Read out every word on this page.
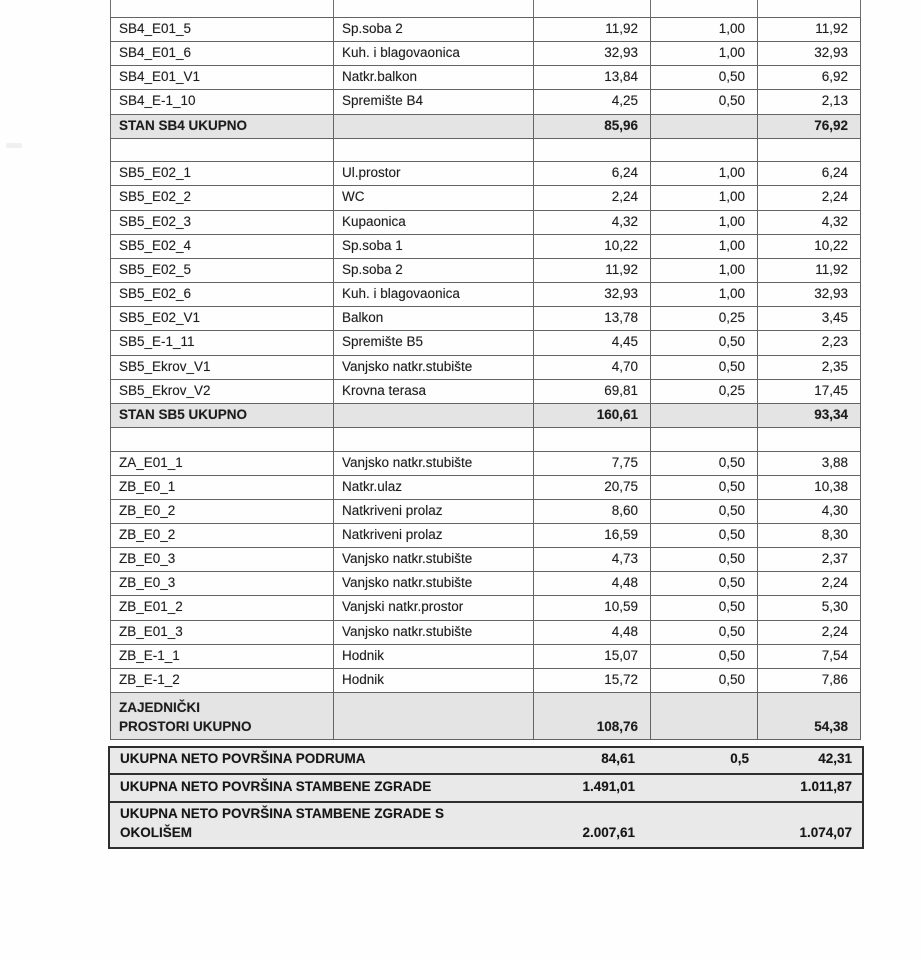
SB4_E01_5	Sp.soba 2	11,92	1,00	11,92
SB4_E01_6	Kuh. i blagovaonica	32,93	1,00	32,93
SB4_E01_V1	Natkr.balkon	13,84	0,50	6,92
SB4_E-1_10	Spremište B4	4,25	0,50	2,13
STAN SB4 UKUPNO		85,96		76,92

SB5_E02_1	Ul.prostor	6,24	1,00	6,24
SB5_E02_2	WC	2,24	1,00	2,24
SB5_E02_3	Kupaonica	4,32	1,00	4,32
SB5_E02_4	Sp.soba 1	10,22	1,00	10,22
SB5_E02_5	Sp.soba 2	11,92	1,00	11,92
SB5_E02_6	Kuh. i blagovaonica	32,93	1,00	32,93
SB5_E02_V1	Balkon	13,78	0,25	3,45
SB5_E-1_11	Spremište B5	4,45	0,50	2,23
SB5_Ekrov_V1	Vanjsko natkr.stubište	4,70	0,50	2,35
SB5_Ekrov_V2	Krovna terasa	69,81	0,25	17,45
STAN SB5 UKUPNO		160,61		93,34

ZA_E01_1	Vanjsko natkr.stubište	7,75	0,50	3,88
ZB_E0_1	Natkr.ulaz	20,75	0,50	10,38
ZB_E0_2	Natkriveni prolaz	8,60	0,50	4,30
ZB_E0_2	Natkriveni prolaz	16,59	0,50	8,30
ZB_E0_3	Vanjsko natkr.stubište	4,73	0,50	2,37
ZB_E0_3	Vanjsko natkr.stubište	4,48	0,50	2,24
ZB_E01_2	Vanjski natkr.prostor	10,59	0,50	5,30
ZB_E01_3	Vanjsko natkr.stubište	4,48	0,50	2,24
ZB_E-1_1	Hodnik	15,07	0,50	7,54
ZB_E-1_2	Hodnik	15,72	0,50	7,86
ZAJEDNIČKI
PROSTORI UKUPNO		108,76		54,38
UKUPNA NETO POVRŠINA PODRUMA	84,61	0,5	42,31
UKUPNA NETO POVRŠINA STAMBENE ZGRADE	1.491,01		1.011,87
UKUPNA NETO POVRŠINA STAMBENE ZGRADE S
OKOLIŠEM	2.007,61		1.074,07
